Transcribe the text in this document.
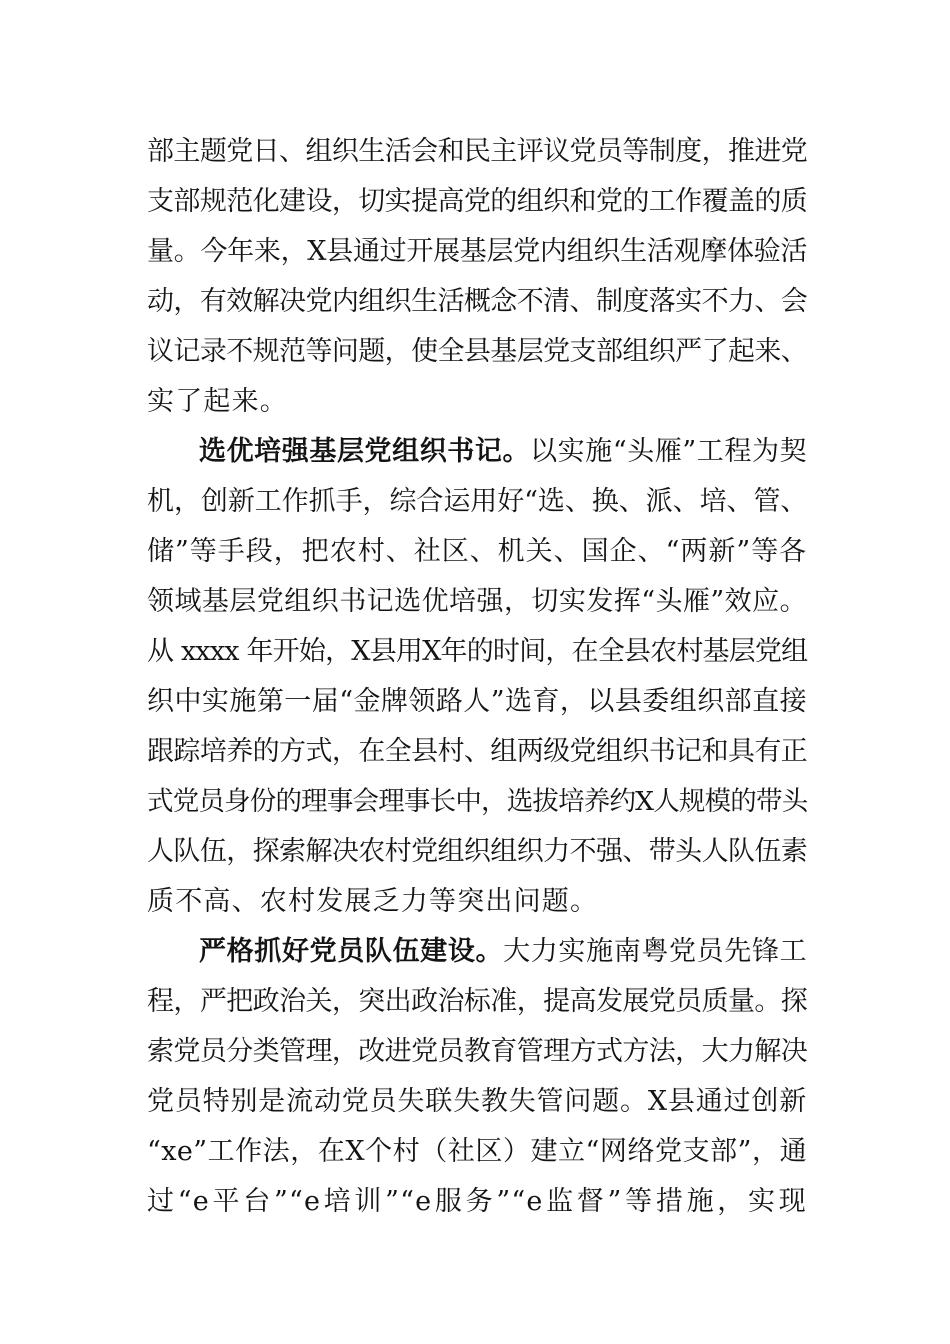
部主题党日、组织生活会和民主评议党员等制度，推进党
支部规范化建设，切实提高党的组织和党的工作覆盖的质
量。今年来，X县通过开展基层党内组织生活观摩体验活
动，有效解决党内组织生活概念不清、制度落实不力、会
议记录不规范等问题，使全县基层党支部组织严了起来、
实了起来。
选优培强基层党组织书记。以实施“头雁”工程为契
机，创新工作抓手，综合运用好“选、换、派、培、管、
储”等手段，把农村、社区、机关、国企、“两新”等各
领域基层党组织书记选优培强，切实发挥“头雁”效应。
从 xxxx 年开始，X县用X年的时间，在全县农村基层党组
织中实施第一届“金牌领路人”选育，以县委组织部直接
跟踪培养的方式，在全县村、组两级党组织书记和具有正
式党员身份的理事会理事长中，选拔培养约X人规模的带头
人队伍，探索解决农村党组织组织力不强、带头人队伍素
质不高、农村发展乏力等突出问题。
严格抓好党员队伍建设。大力实施南粤党员先锋工
程，严把政治关，突出政治标准，提高发展党员质量。探
索党员分类管理，改进党员教育管理方式方法，大力解决
党员特别是流动党员失联失教失管问题。X县通过创新
“xe”工作法，在X个村（社区）建立“网络党支部”，通
过“e平台”“e培训”“e服务”“e监督”等措施，实现
